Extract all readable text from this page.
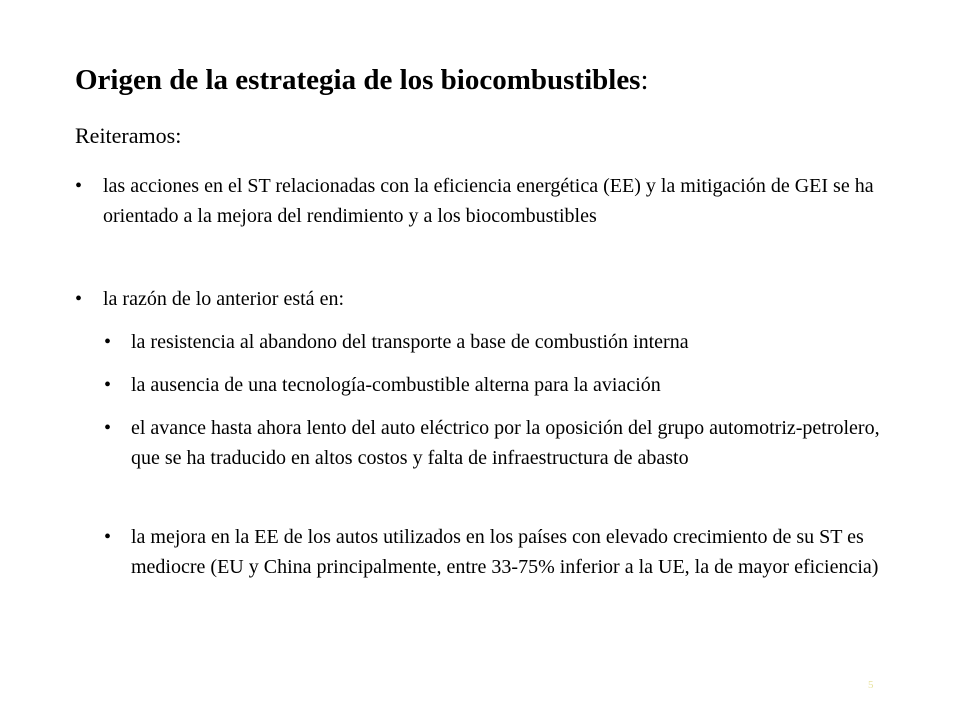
Origen de la estrategia de los biocombustibles:
Reiteramos:
• las acciones en el ST relacionadas con la eficiencia energética (EE) y la mitigación de GEI se ha orientado a la mejora del rendimiento y a los biocombustibles
• la razón de lo anterior está en:
• la resistencia al abandono del transporte a base de combustión interna
• la ausencia de una tecnología-combustible alterna para la aviación
• el avance hasta ahora lento del auto eléctrico por la oposición del grupo automotriz-petrolero, que se ha traducido en altos costos y falta de infraestructura de abasto
• la mejora en la EE de los autos utilizados en los países con elevado crecimiento de su ST es mediocre (EU y China principalmente, entre 33-75% inferior a la UE, la de mayor eficiencia)
5
